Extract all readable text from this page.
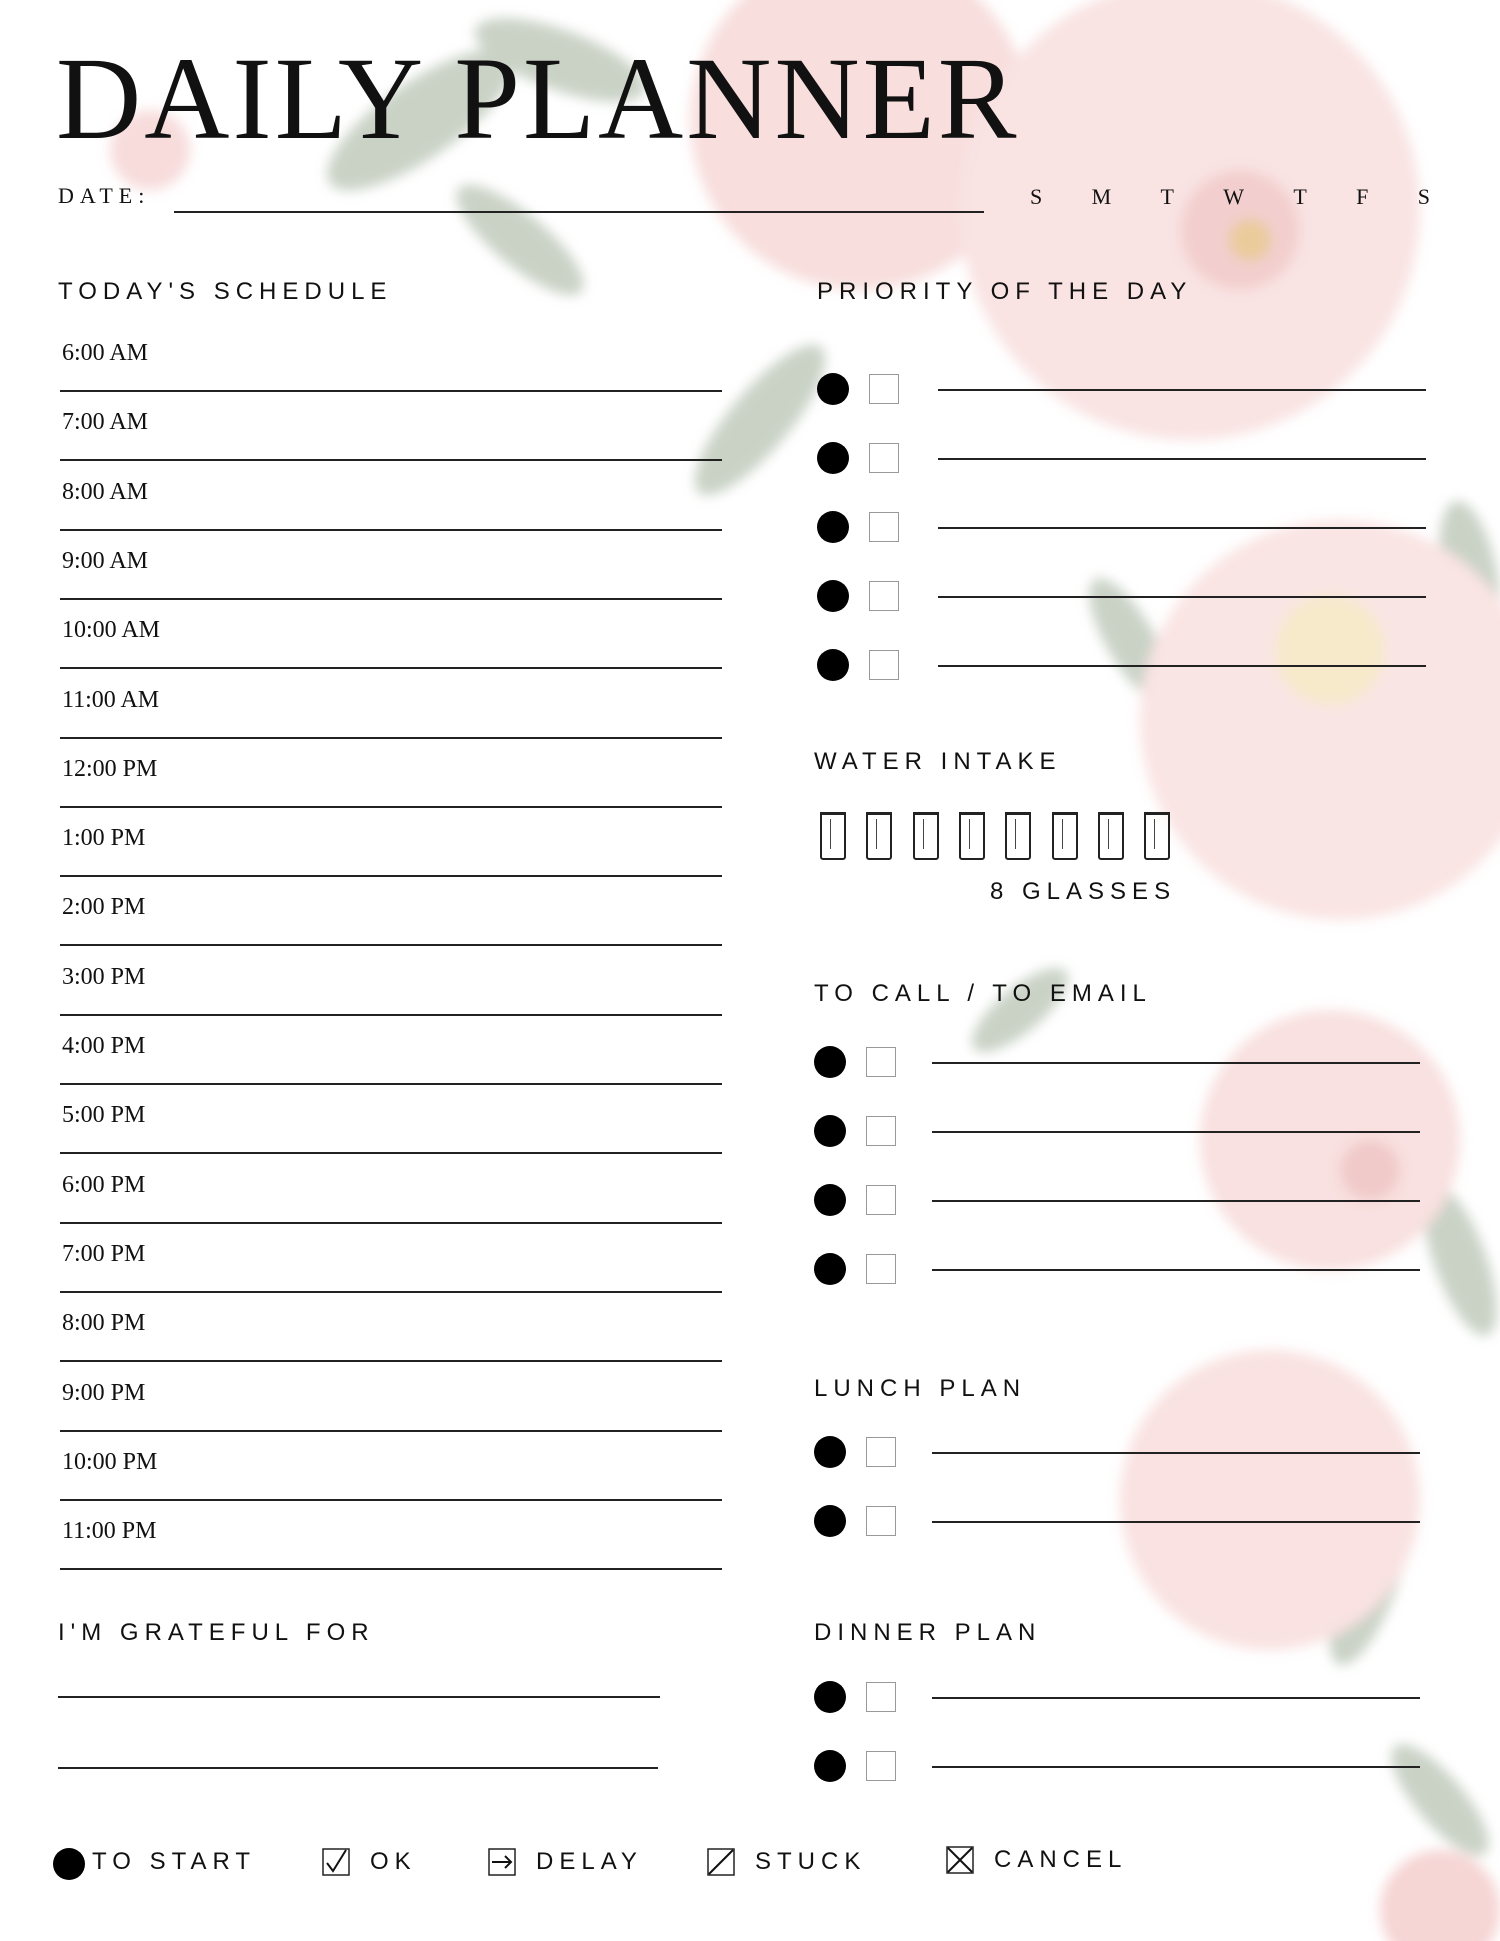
DAILY PLANNER
DATE:	S M T W T F S
TODAY'S SCHEDULE
6:00 AM
7:00 AM
8:00 AM
9:00 AM
10:00 AM
11:00 AM
12:00 PM
1:00 PM
2:00 PM
3:00 PM
4:00 PM
5:00 PM
6:00 PM
7:00 PM
8:00 PM
9:00 PM
10:00 PM
11:00 PM
I'M GRATEFUL FOR
PRIORITY OF THE DAY
WATER INTAKE
8 GLASSES
TO CALL / TO EMAIL
LUNCH PLAN
DINNER PLAN
TO START	OK	DELAY	STUCK	CANCEL
